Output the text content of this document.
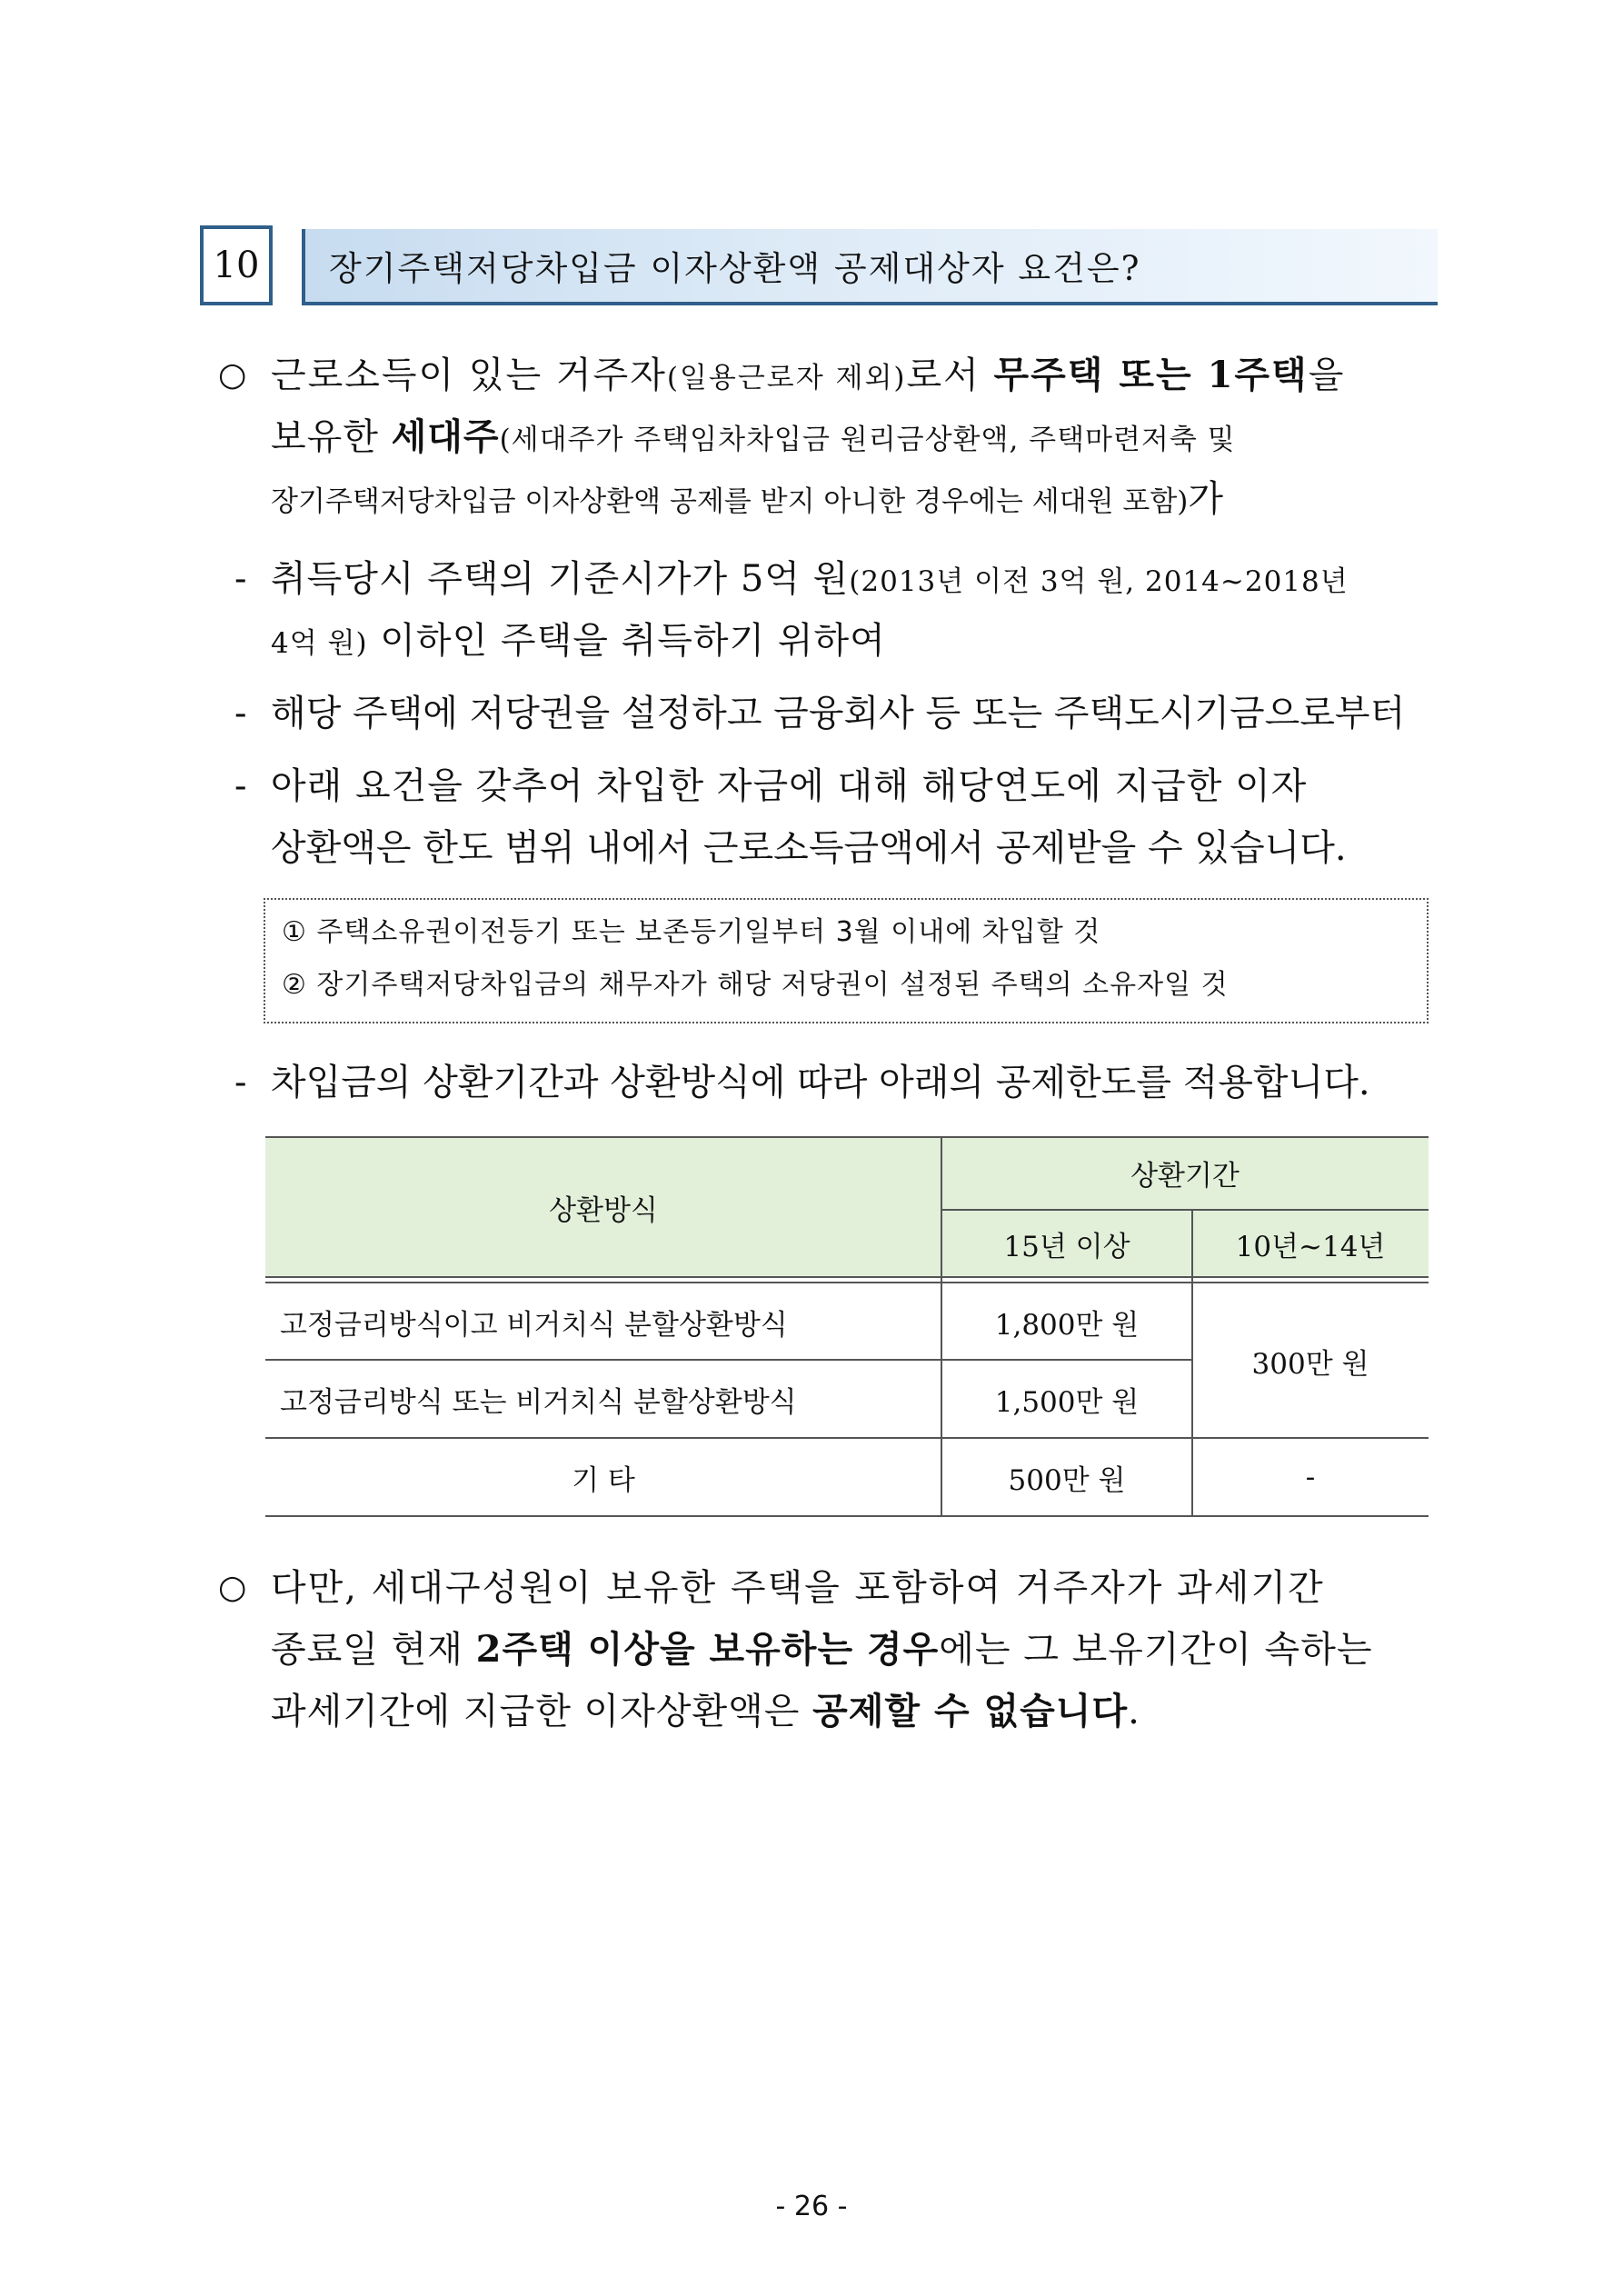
10	장기주택저당차입금 이자상환액 공제대상자 요건은?
○ 근로소득이 있는 거주자(일용근로자 제외)로서 무주택 또는 1주택을
보유한 세대주(세대주가 주택임차차입금 원리금상환액, 주택마련저축 및
장기주택저당차입금 이자상환액 공제를 받지 아니한 경우에는 세대원 포함)가
- 취득당시 주택의 기준시가가 5억 원(2013년 이전 3억 원, 2014~2018년
4억 원) 이하인 주택을 취득하기 위하여
- 해당 주택에 저당권을 설정하고 금융회사 등 또는 주택도시기금으로부터
- 아래 요건을 갖추어 차입한 자금에 대해 해당연도에 지급한 이자
상환액은 한도 범위 내에서 근로소득금액에서 공제받을 수 있습니다.
① 주택소유권이전등기 또는 보존등기일부터 3월 이내에 차입할 것
② 장기주택저당차입금의 채무자가 해당 저당권이 설정된 주택의 소유자일 것
- 차입금의 상환기간과 상환방식에 따라 아래의 공제한도를 적용합니다.
상환방식
상환기간
15년 이상	10년~14년
고정금리방식이고 비거치식 분할상환방식	1,800만 원
고정금리방식 또는 비거치식 분할상환방식	1,500만 원
300만 원
기 타	500만 원	-
○ 다만, 세대구성원이 보유한 주택을 포함하여 거주자가 과세기간
종료일 현재 2주택 이상을 보유하는 경우에는 그 보유기간이 속하는
과세기간에 지급한 이자상환액은 공제할 수 없습니다.
- 26 -
